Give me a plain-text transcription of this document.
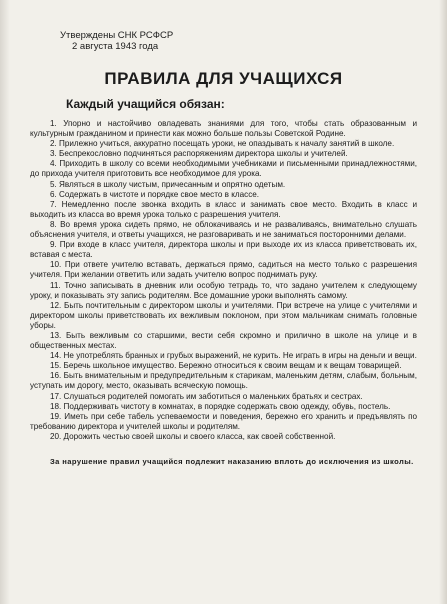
Утверждены СНК РСФСР
2 августа 1943 года
ПРАВИЛА ДЛЯ УЧАЩИХСЯ
Каждый учащийся обязан:

1. Упорно и настойчиво овладевать знаниями для того, чтобы стать образованным и культурным гражданином и принести как можно больше пользы Советской Родине.

2. Прилежно учиться, аккуратно посещать уроки, не опаздывать к началу занятий в школе.

3. Беспрекословно подчиняться распоряжениям директора школы и учителей.

4. Приходить в школу со всеми необходимыми учебниками и письменными принадлежностями, до прихода учителя приготовить все необходимое для урока.

5. Являться в школу чистым, причесанным и опрятно одетым.

6. Содержать в чистоте и порядке свое место в классе.

7. Немедленно после звонка входить в класс и занимать свое место. Входить в класс и выходить из класса во время урока только с разрешения учителя.

8. Во время урока сидеть прямо, не облокачиваясь и не разваливаясь, внимательно слушать объяснения учителя, и ответы учащихся, не разговаривать и не заниматься посторонними делами.

9. При входе в класс учителя, директора школы и при выходе их из класса приветствовать их, вставая с места.

10. При ответе учителю вставать, держаться прямо, садиться на место только с разрешения учителя. При желании ответить или задать учителю вопрос поднимать руку.

11. Точно записывать в дневник или особую тетрадь то, что задано учителем к следующему уроку, и показывать эту запись родителям. Все домашние уроки выполнять самому.

12. Быть почтительным с директором школы и учителями. При встрече на улице с учителями и директором школы приветствовать их вежливым поклоном, при этом мальчикам снимать головные уборы.

13. Быть вежливым со старшими, вести себя скромно и прилично в школе на улице и в общественных местах.

14. Не употреблять бранных и грубых выражений, не курить. Не играть в игры на деньги и вещи.

15. Беречь школьное имущество. Бережно относиться к своим вещам и к вещам товарищей.

16. Быть внимательным и предупредительным к старикам, маленьким детям, слабым, больным, уступать им дорогу, место, оказывать всяческую помощь.

17. Слушаться родителей помогать им заботиться о маленьких братьях и сестрах.

18. Поддерживать чистоту в комнатах, в порядке содержать свою одежду, обувь, постель.

19. Иметь при себе табель успеваемости и поведения, бережно его хранить и предъявлять по требованию директора и учителей школы и родителям.

20. Дорожить честью своей школы и своего класса, как своей собственной.

За нарушение правил учащийся подлежит наказанию вплоть до исключения из школы.
